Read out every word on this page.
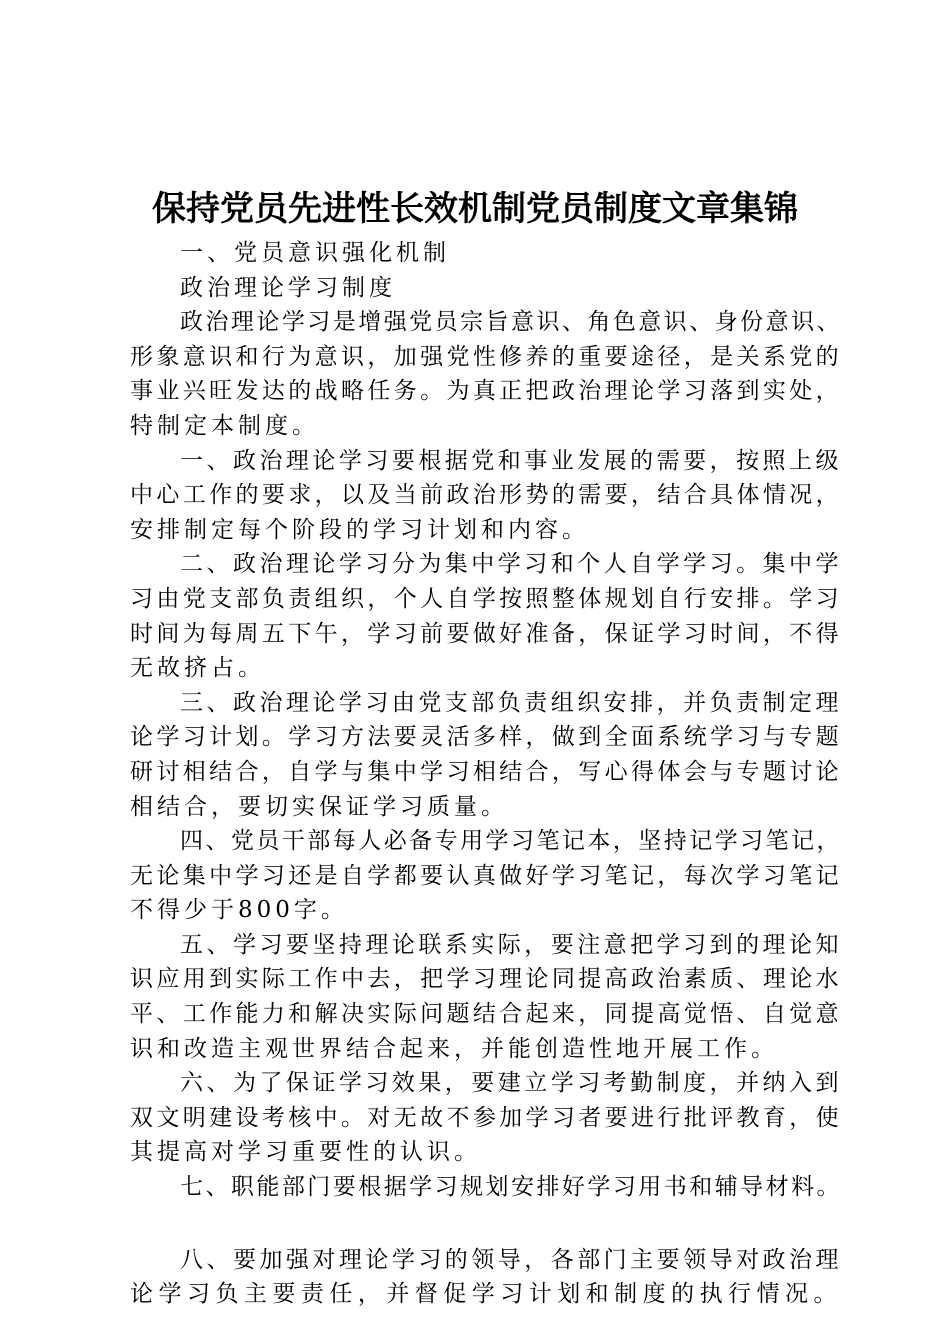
保持党员先进性长效机制党员制度文章集锦
一、党员意识强化机制
政治理论学习制度
政治理论学习是增强党员宗旨意识、角色意识、身份意识、
形象意识和行为意识，加强党性修养的重要途径，是关系党的
事业兴旺发达的战略任务。为真正把政治理论学习落到实处，
特制定本制度。
一、政治理论学习要根据党和事业发展的需要，按照上级
中心工作的要求，以及当前政治形势的需要，结合具体情况，
安排制定每个阶段的学习计划和内容。
二、政治理论学习分为集中学习和个人自学学习。集中学
习由党支部负责组织，个人自学按照整体规划自行安排。学习
时间为每周五下午，学习前要做好准备，保证学习时间，不得
无故挤占。
三、政治理论学习由党支部负责组织安排，并负责制定理
论学习计划。学习方法要灵活多样，做到全面系统学习与专题
研讨相结合，自学与集中学习相结合，写心得体会与专题讨论
相结合，要切实保证学习质量。
四、党员干部每人必备专用学习笔记本，坚持记学习笔记，
无论集中学习还是自学都要认真做好学习笔记，每次学习笔记
不得少于800字。
五、学习要坚持理论联系实际，要注意把学习到的理论知
识应用到实际工作中去，把学习理论同提高政治素质、理论水
平、工作能力和解决实际问题结合起来，同提高觉悟、自觉意
识和改造主观世界结合起来，并能创造性地开展工作。
六、为了保证学习效果，要建立学习考勤制度，并纳入到
双文明建设考核中。对无故不参加学习者要进行批评教育，使
其提高对学习重要性的认识。
七、职能部门要根据学习规划安排好学习用书和辅导材料。
八、要加强对理论学习的领导，各部门主要领导对政治理
论学习负主要责任，并督促学习计划和制度的执行情况。
